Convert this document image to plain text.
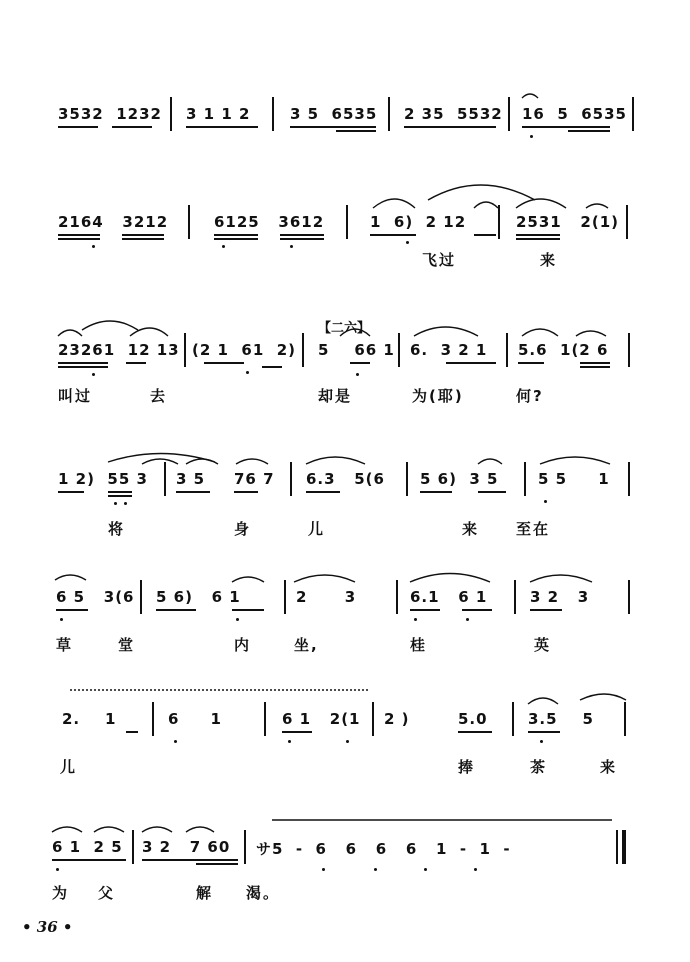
3532  1232 3 1 1 2	3 5  6535 2 35  5532 16  5  6535
2164   3212	6125   3612	1  6)  2 12	2531   2(1)
飞过	来
【二六】
23261  12 13 (2 1  61  2) 5    66 1 6.  3 2 1 5.6  1(2 6
叫过	去	却是	为(耶)	何?
1 2)  55 3 3 5 76 7 6.3   5(6 5 6)  3 5	5 5     1
将	身	儿	来 至在
6 5   3(6 5 6)   6 1	2      3	6.1   6 1	3 2   3
草	堂	内	坐,	桂	英
2.    1	6     1	6 1   2(1 2 )	5.0	3.5    5
儿	捧	茶	来
6 1  2 5 3 2   7 60 サ5  -  6   6   6   6   1  -  1  -
为 父	解 渴。
• 36 •
